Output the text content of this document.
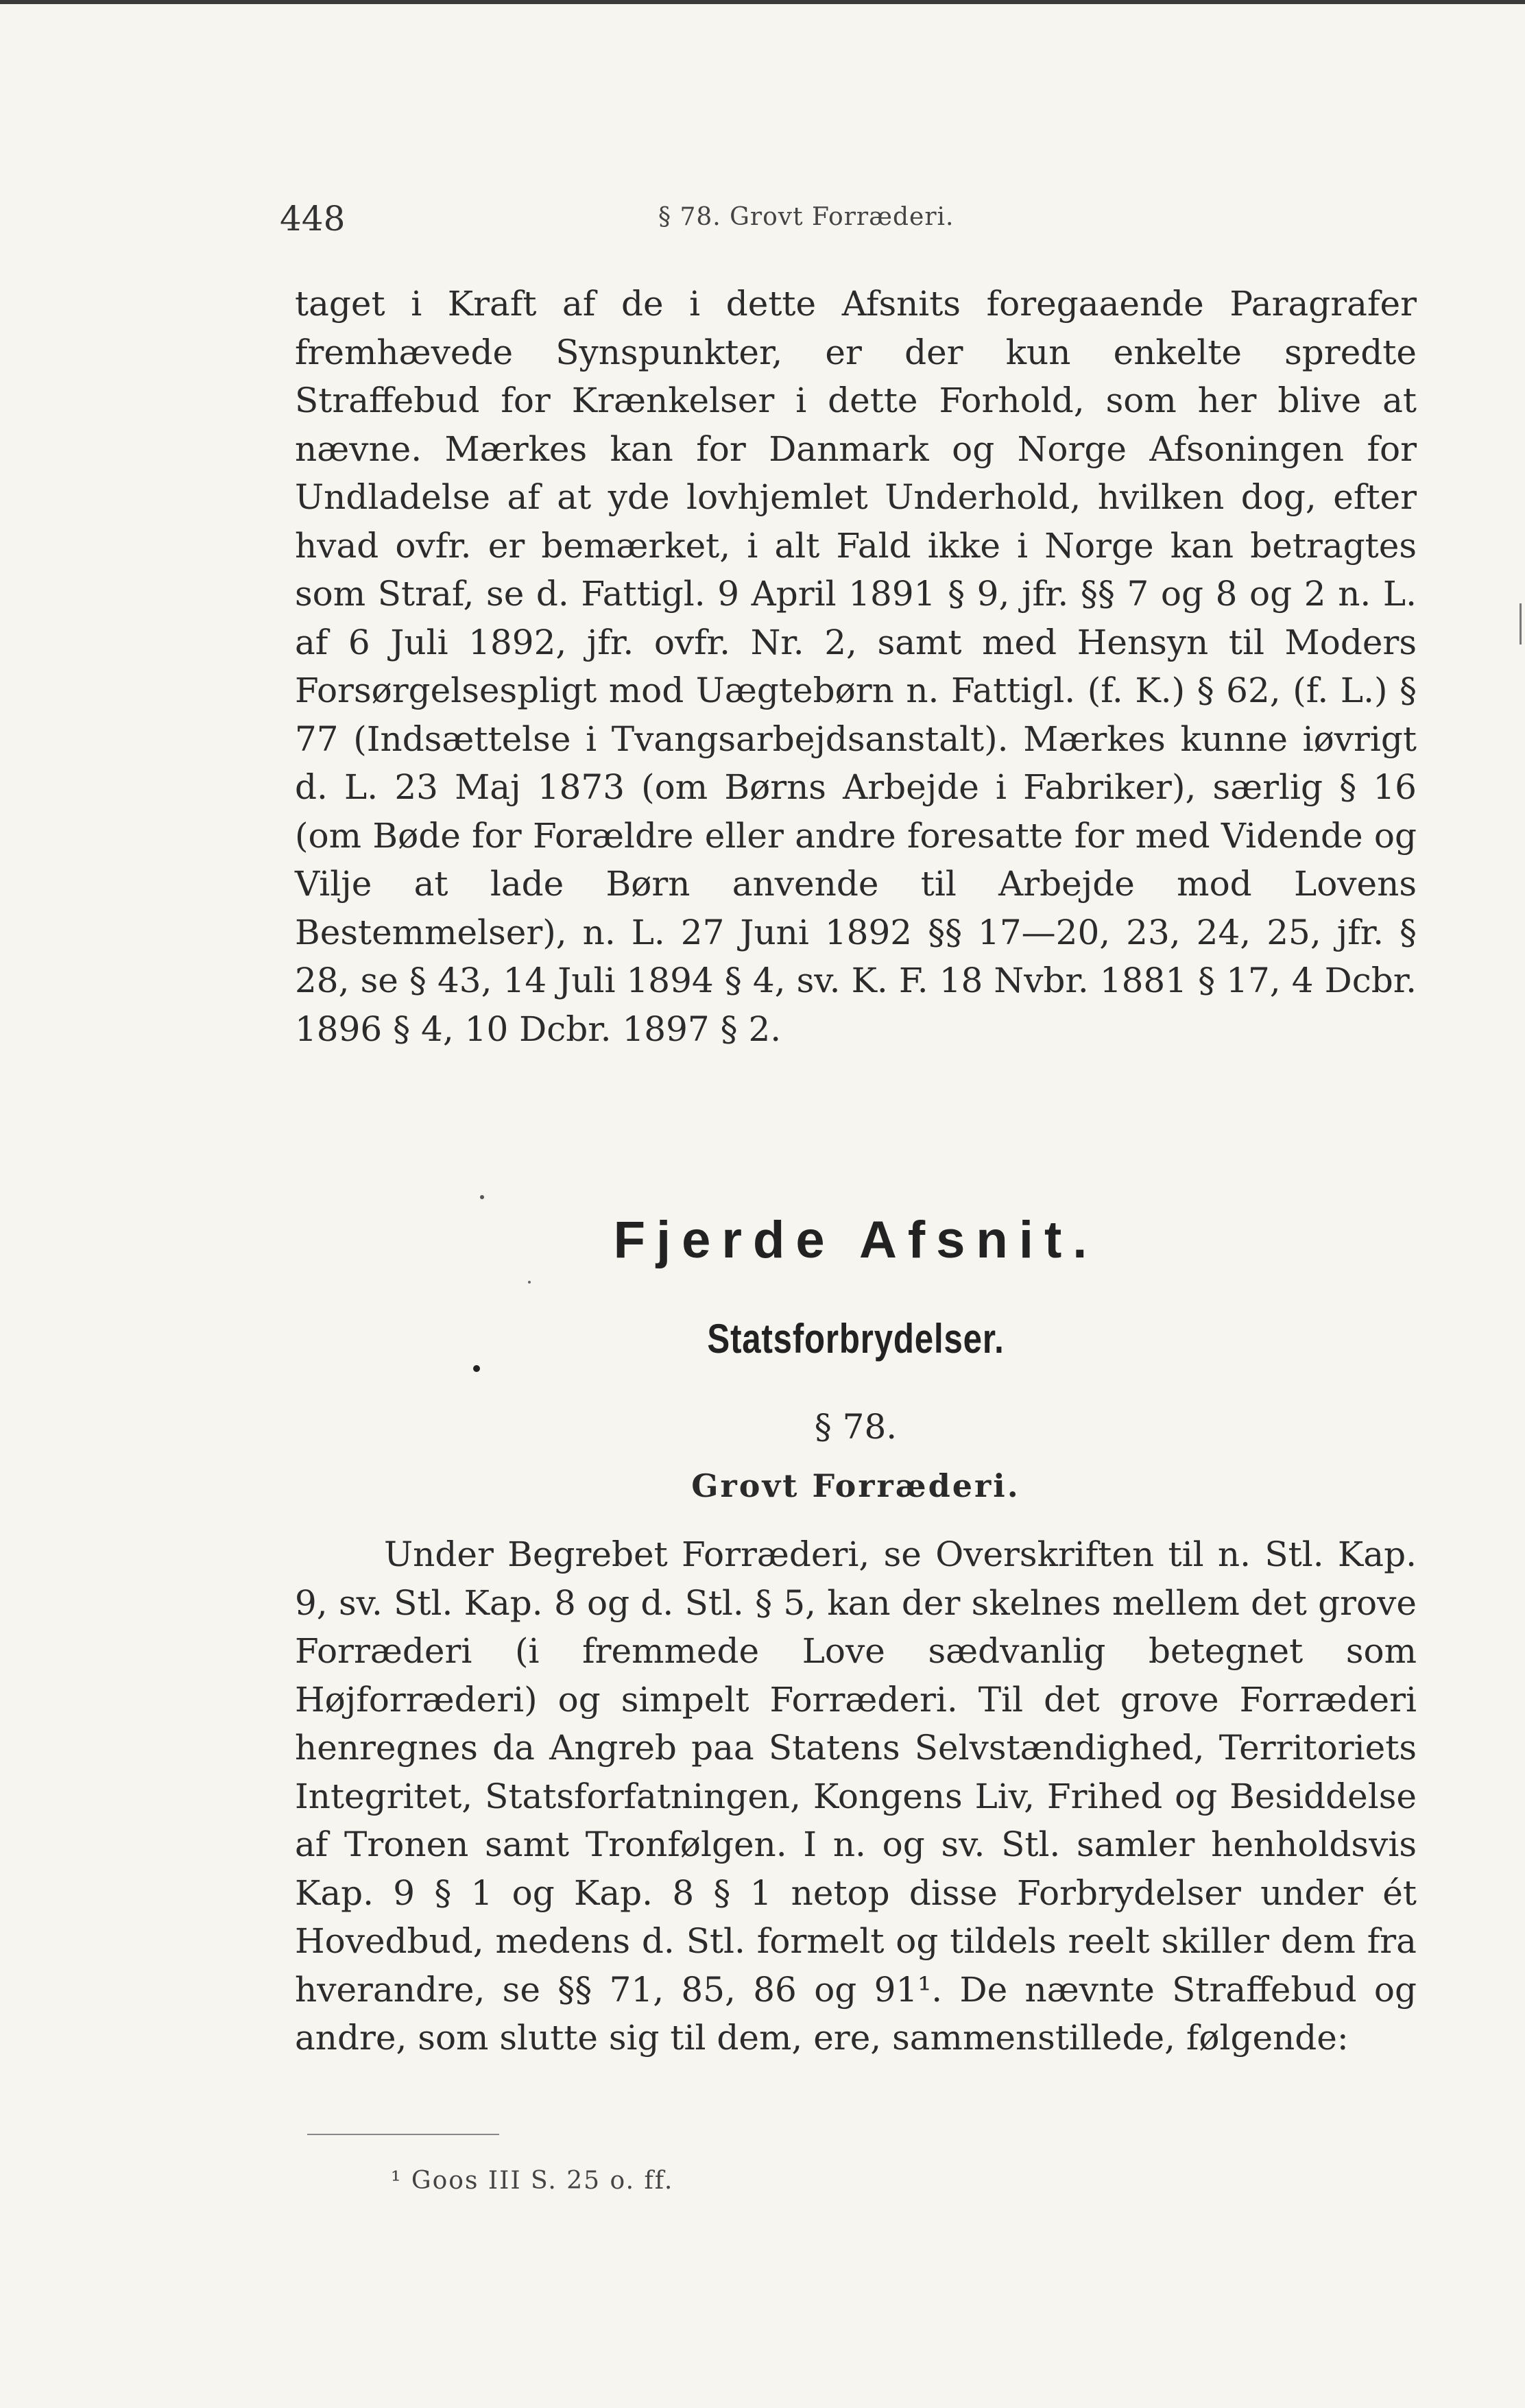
448	§ 78. Grovt Forræderi.
taget i Kraft af de i dette Afsnits foregaaende Paragrafer fremhævede Synspunkter, er der kun enkelte spredte Straffebud for Krænkelser i dette Forhold, som her blive at nævne. Mærkes kan for Danmark og Norge Afsoningen for Undladelse af at yde lovhjemlet Underhold, hvilken dog, efter hvad ovfr. er bemærket, i alt Fald ikke i Norge kan betragtes som Straf, se d. Fattigl. 9 April 1891 § 9, jfr. §§ 7 og 8 og 2 n. L. af 6 Juli 1892, jfr. ovfr. Nr. 2, samt med Hensyn til Moders Forsørgelsespligt mod Uægtebørn n. Fattigl. (f. K.) § 62, (f. L.) § 77 (Indsættelse i Tvangsarbejdsanstalt). Mærkes kunne iøvrigt d. L. 23 Maj 1873 (om Børns Arbejde i Fabriker), særlig § 16 (om Bøde for Forældre eller andre foresatte for med Vidende og Vilje at lade Børn anvende til Arbejde mod Lovens Bestemmelser), n. L. 27 Juni 1892 §§ 17—20, 23, 24, 25, jfr. § 28, se § 43, 14 Juli 1894 § 4, sv. K. F. 18 Nvbr. 1881 § 17, 4 Dcbr. 1896 § 4, 10 Dcbr. 1897 § 2.
Fjerde Afsnit.
Statsforbrydelser.
§ 78.
Grovt Forræderi.
Under Begrebet Forræderi, se Overskriften til n. Stl. Kap. 9, sv. Stl. Kap. 8 og d. Stl. § 5, kan der skelnes mellem det grove Forræderi (i fremmede Love sædvanlig betegnet som Højforræderi) og simpelt Forræderi. Til det grove Forræderi henregnes da Angreb paa Statens Selvstændighed, Territoriets Integritet, Statsforfatningen, Kongens Liv, Frihed og Besiddelse af Tronen samt Tronfølgen. I n. og sv. Stl. samler henholdsvis Kap. 9 § 1 og Kap. 8 § 1 netop disse Forbrydelser under ét Hovedbud, medens d. Stl. formelt og tildels reelt skiller dem fra hverandre, se §§ 71, 85, 86 og 91¹. De nævnte Straffebud og andre, som slutte sig til dem, ere, sammenstillede, følgende:
¹ Goos III S. 25 o. ff.
